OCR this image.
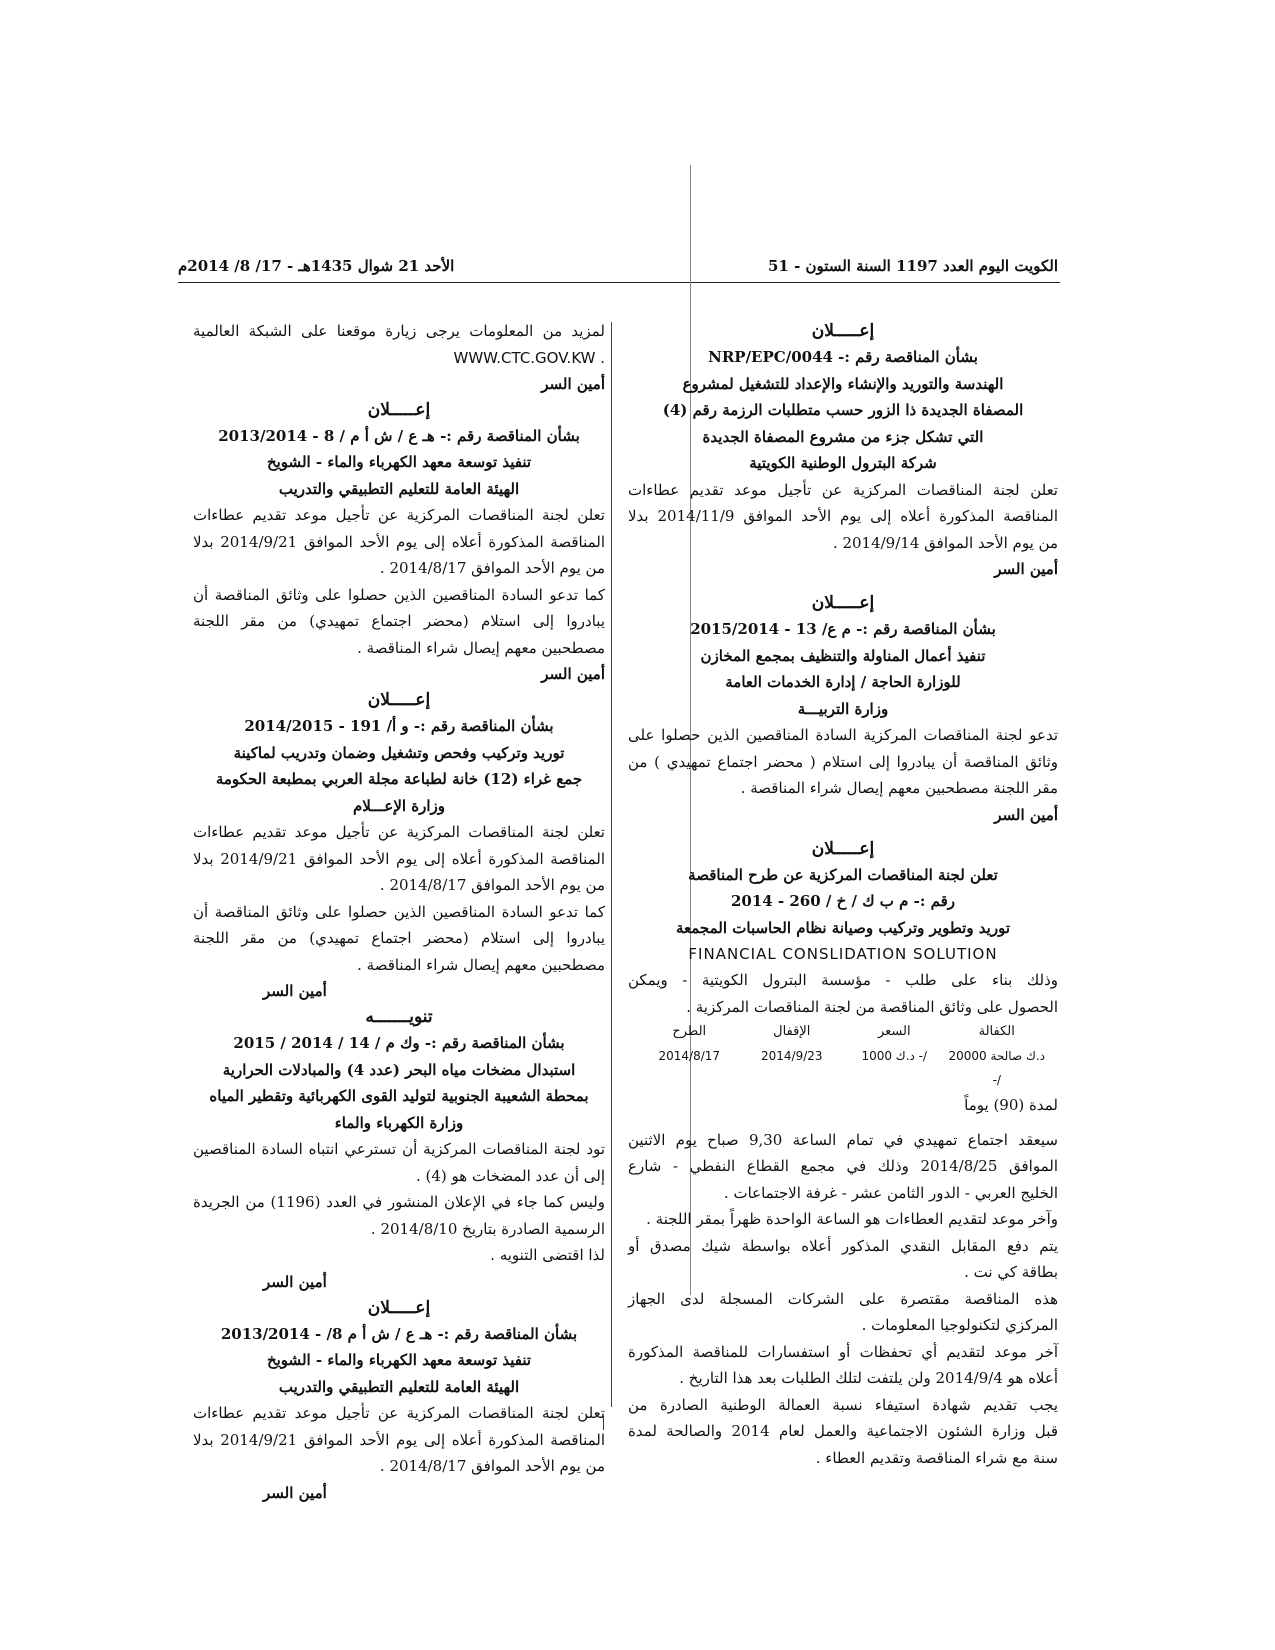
الكويت اليوم العدد 1197 السنة الستون - 51
الأحد 21 شوال 1435هـ - 17/ 8/ 2014م
إعـــــلان
بشأن المناقصة رقم :- 0044/NRP/EPC
الهندسة والتوريد والإنشاء والإعداد للتشغيل لمشروع
المصفاة الجديدة ذا الزور حسب متطلبات الرزمة رقم (4)
التي تشكل جزء من مشروع المصفاة الجديدة
شركة البترول الوطنية الكويتية
تعلن لجنة المناقصات المركزية عن تأجيل موعد تقديم عطاءات
المناقصة المذكورة أعلاه إلى يوم الأحد الموافق 2014/11/9 بدلا
من يوم الأحد الموافق 2014/9/14 .
أمين السر
إعـــــلان
بشأن المناقصة رقم :- م ع/ 13 - 2015/2014
تنفيذ أعمال المناولة والتنظيف بمجمع المخازن
للوزارة الحاجة / إدارة الخدمات العامة
وزارة التربيـــة
تدعو لجنة المناقصات المركزية السادة المناقصين الذين حصلوا على
وثائق المناقصة أن يبادروا إلى استلام ( محضر اجتماع تمهيدي ) من
مقر اللجنة مصطحبين معهم إيصال شراء المناقصة .
أمين السر
إعـــــلان
تعلن لجنة المناقصات المركزية عن طرح المناقصة
رقم :- م ب ك / خ / 260 - 2014
توريد وتطوير وتركيب وصيانة نظام الحاسبات المجمعة
FINANCIAL CONSLIDATION SOLUTION
وذلك بناء على طلب - مؤسسة البترول الكويتية - ويمكن
الحصول على وثائق المناقصة من لجنة المناقصات المركزية .
الطرح	الإقفال	السعر	الكفالة
2014/8/17	2014/9/23	1000 د.ك -/	20000 د.ك صالحة -/
لمدة (90) يوماً
سيعقد اجتماع تمهيدي في تمام الساعة 9,30 صباح يوم الاثنين
الموافق 2014/8/25 وذلك في مجمع القطاع النفطي - شارع
الخليج العربي - الدور الثامن عشر - غرفة الاجتماعات .
وآخر موعد لتقديم العطاءات هو الساعة الواحدة ظهراً بمقر اللجنة .
يتم دفع المقابل النقدي المذكور أعلاه بواسطة شيك مصدق أو
بطاقة كي نت .
هذه المناقصة مقتصرة على الشركات المسجلة لدى الجهاز
المركزي لتكنولوجيا المعلومات .
آخر موعد لتقديم أي تحفظات أو استفسارات للمناقصة المذكورة
أعلاه هو 2014/9/4 ولن يلتفت لتلك الطلبات بعد هذا التاريخ .
يجب تقديم شهادة استيفاء نسبة العمالة الوطنية الصادرة من
قبل وزارة الشئون الاجتماعية والعمل لعام 2014 والصالحة لمدة
سنة مع شراء المناقصة وتقديم العطاء .
لمزيد من المعلومات يرجى زيارة موقعنا على الشبكة العالمية
WWW.CTC.GOV.KW .
أمين السر
إعـــــلان
بشأن المناقصة رقم :- هـ ع / ش أ م / 8 - 2013/2014
تنفيذ توسعة معهد الكهرباء والماء - الشويخ
الهيئة العامة للتعليم التطبيقي والتدريب
تعلن لجنة المناقصات المركزية عن تأجيل موعد تقديم عطاءات
المناقصة المذكورة أعلاه إلى يوم الأحد الموافق 2014/9/21 بدلا
من يوم الأحد الموافق 2014/8/17 .
كما تدعو السادة المناقصين الذين حصلوا على وثائق المناقصة أن
يبادروا إلى استلام (محضر اجتماع تمهيدي) من مقر اللجنة
مصطحبين معهم إيصال شراء المناقصة .
أمين السر
إعـــــلان
بشأن المناقصة رقم :- و أ/ 191 - 2014/2015
توريد وتركيب وفحص وتشغيل وضمان وتدريب لماكينة
جمع غراء (12) خانة لطباعة مجلة العربي بمطبعة الحكومة
وزارة الإعـــلام
تعلن لجنة المناقصات المركزية عن تأجيل موعد تقديم عطاءات
المناقصة المذكورة أعلاه إلى يوم الأحد الموافق 2014/9/21 بدلا
من يوم الأحد الموافق 2014/8/17 .
كما تدعو السادة المناقصين الذين حصلوا على وثائق المناقصة أن
يبادروا إلى استلام (محضر اجتماع تمهيدي) من مقر اللجنة
مصطحبين معهم إيصال شراء المناقصة .
أمين السر
تنويـــــــه
بشأن المناقصة رقم :- وك م / 14 / 2014 / 2015
استبدال مضخات مياه البحر (عدد 4) والمبادلات الحرارية
بمحطة الشعيبة الجنوبية لتوليد القوى الكهربائية وتقطير المياه
وزارة الكهرباء والماء
تود لجنة المناقصات المركزية أن تسترعي انتباه السادة المناقصين
إلى أن عدد المضخات هو (4) .
وليس كما جاء في الإعلان المنشور في العدد (1196) من الجريدة
الرسمية الصادرة بتاريخ 2014/8/10 .
لذا اقتضى التنويه .
أمين السر
إعـــــلان
بشأن المناقصة رقم :- هـ ع / ش أ م 8/ - 2013/2014
تنفيذ توسعة معهد الكهرباء والماء - الشويخ
الهيئة العامة للتعليم التطبيقي والتدريب
تعلن لجنة المناقصات المركزية عن تأجيل موعد تقديم عطاءات
المناقصة المذكورة أعلاه إلى يوم الأحد الموافق 2014/9/21 بدلا
من يوم الأحد الموافق 2014/8/17 .
أمين السر
